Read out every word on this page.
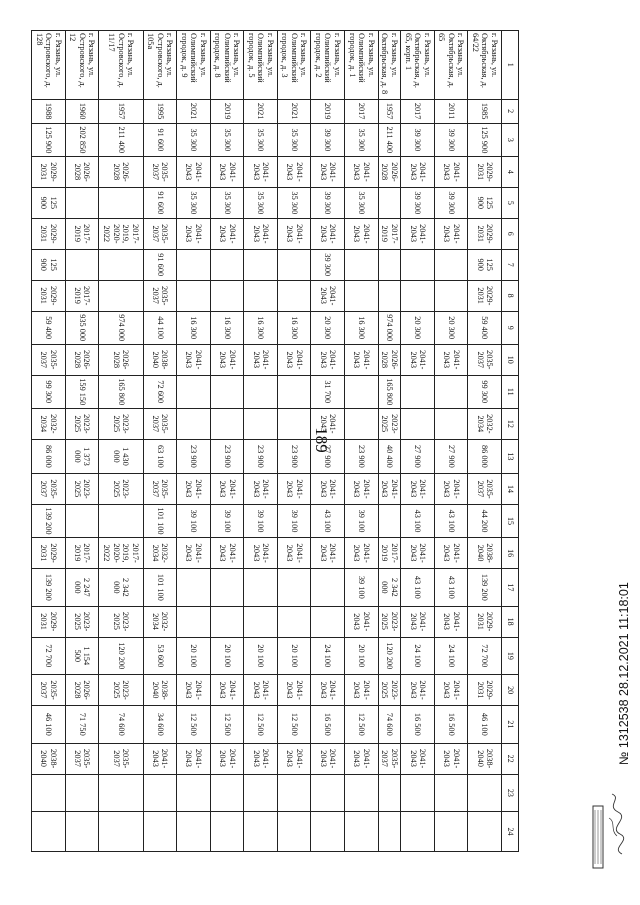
189
1	2	3	4	5	6	7	8	9	10	11	12	13	14	15	16	17	18	19	20	21	22	23	24
г. Рязань, ул. Октябрьская, д. 64/22	1985	125 900	2029-2031	125 900	2029-2031	125 900	2029-2031	59 400	2035-2037	99 300	2032-2034	86 000	2035-2037	44 200	2038-2040	139 200	2029-2031	72 700	2029-2031	46 100	2038-2040		
г. Рязань, ул. Октябрьская, д. 65	2011	39 300	2041-2043	39 300	2041-2043			20 300	2041-2043			27 900	2041-2043	43 100	2041-2043	43 100	2041-2043	24 100	2041-2043	16 500	2041-2043		
г. Рязань, ул. Октябрьская, д. 65, корп. 1	2017	39 300	2041-2043	39 300	2041-2043			20 300	2041-2043			27 900	2041-2043	43 100	2041-2043	43 100	2041-2043	24 100	2041-2043	16 500	2041-2043		
г. Рязань, ул. Октябрьская, д. 8	1957	211 400	2026-2028		2017-2019			974 000	2026-2028	165 800	2023-2025	40 400	2041-2043		2017-2019	2 342 000	2023-2025	120 200	2023-2025	74 600	2035-2037		
г. Рязань, ул. Олимпийский городок, д. 1	2017	35 300	2041-2043	35 300	2041-2043			16 300	2041-2043			23 900	2041-2043	39 100	2041-2043	39 100	2041-2043	20 100	2041-2043	12 500	2041-2043		
г. Рязань, ул. Олимпийский городок, д. 2	2019	39 300	2041-2043	39 300	2041-2043	39 300	2041-2043	20 300	2041-2043	31 700	2041-2043	27 900	2041-2043	43 100	2041-2043			24 100	2041-2043	16 500	2041-2043		
г. Рязань, ул. Олимпийский городок, д. 3	2021	35 300	2041-2043	35 300	2041-2043			16 300	2041-2043			23 900	2041-2043	39 100	2041-2043			20 100	2041-2043	12 500	2041-2043		
г. Рязань, ул. Олимпийский городок, д. 5	2021	35 300	2041-2043	35 300	2041-2043			16 300	2041-2043			23 900	2041-2043	39 100	2041-2043			20 100	2041-2043	12 500	2041-2043		
г. Рязань, ул. Олимпийский городок, д. 8	2019	35 300	2041-2043	35 300	2041-2043			16 300	2041-2043			23 900	2041-2043	39 100	2041-2043			20 100	2041-2043	12 500	2041-2043		
г. Рязань, ул. Олимпийский городок, д. 9	2021	35 300	2041-2043	35 300	2041-2043			16 300	2041-2043			23 900	2041-2043	39 100	2041-2043			20 100	2041-2043	12 500	2041-2043		
г. Рязань, ул. Островского, д. 105а	1995	91 600	2035-2037	91 600	2035-2037	91 600	2035-2037	44 100	2038-2040	72 600	2035-2037	63 100	2035-2037	101 100	2032-2034	101 100	2032-2034	53 600	2038-2040	34 600	2041-2043		
г. Рязань, ул. Островского, д. 11/17	1957	211 400	2026-2028		2017-2019, 2020-2022			974 000	2026-2028	165 800	2023-2025	1 430 000	2023-2025		2017-2019, 2020-2022	2 342 000	2023-2025	120 200	2023-2025	74 600	2035-2037		
г. Рязань, ул. Островского, д. 12	1960	202 850	2026-2028		2017-2019		2017-2019	935 000	2026-2028	159 150	2023-2025	1 373 000	2023-2025		2017-2019	2 247 000	2023-2025	1 154 500	2026-2028	71 750	2035-2037		
г. Рязань, ул. Островского, д. 128	1988	125 900	2029-2031	125 900	2029-2031	125 900	2029-2031	59 400	2035-2037	99 300	2032-2034	86 000	2035-2037	139 200	2029-2031	139 200	2029-2031	72 700	2035-2037	46 100	2038-2040			№ 1312538 28.12.2021 11:18:01
